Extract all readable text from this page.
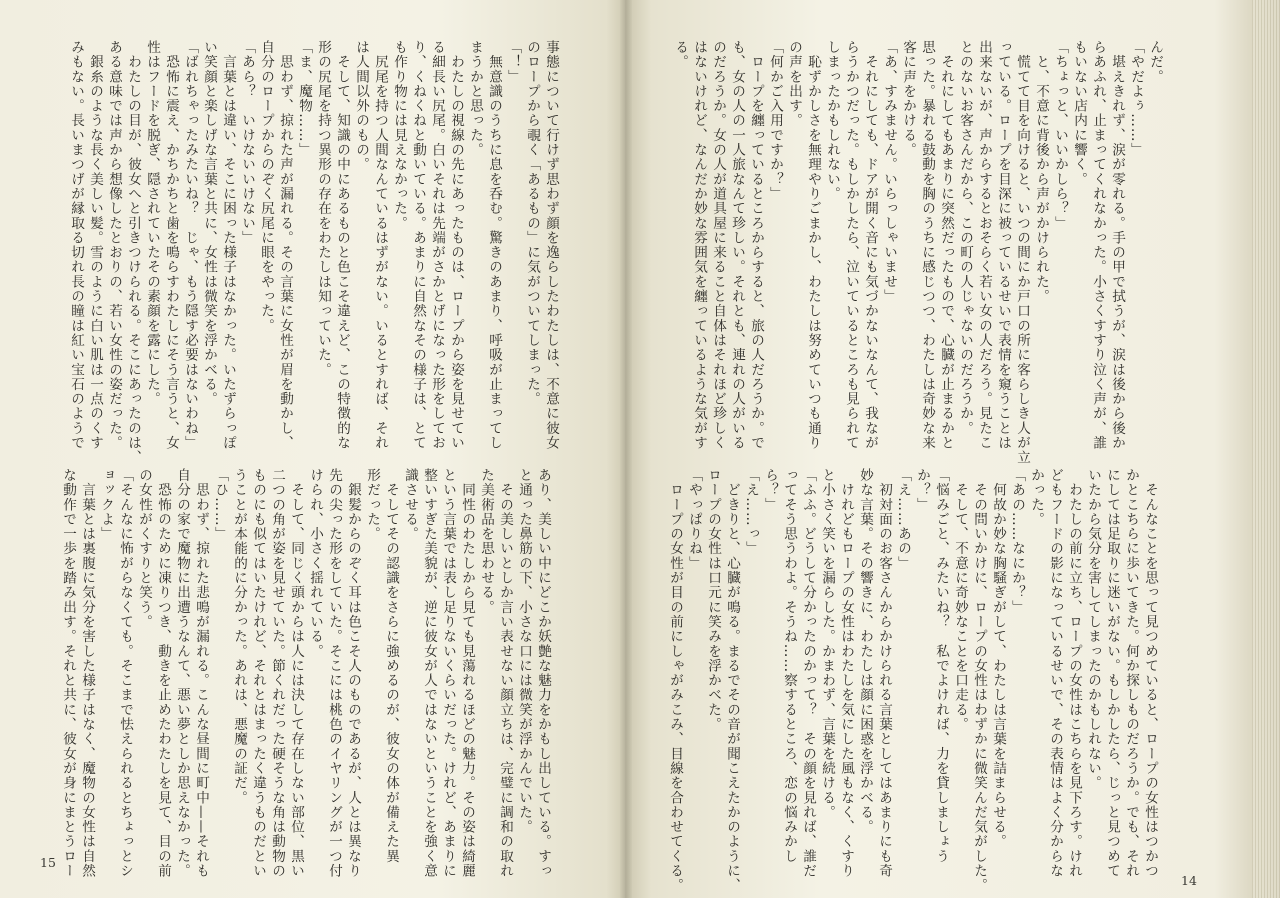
事態について行けず思わず顔を逸らしたわたしは、不意に彼女
のロープから覗く「あるもの」に気がついてしまった。
「！」
　無意識のうちに息を呑む。驚きのあまり、呼吸が止まってし
まうかと思った。
　わたしの視線の先にあったものは、ロープから姿を見せてい
る細長い尻尾。白いそれは先端がさかとげになった形をしてお
り、くねくねと動いている。あまりに自然なその様子は、とて
も作り物には見えなかった。
　尻尾を持つ人間なんているはずがない。いるとすれば、それ
は人間以外のもの。
　そして、知識の中にあるものと色こそ違えど、この特徴的な
形の尻尾を持つ異形の存在をわたしは知っていた。
「ま、魔物……」
　思わず、掠れた声が漏れる。その言葉に女性が眉を動かし、
自分のロープからのぞく尻尾に眼をやった。
「あら？　いけないいけない」
　言葉とは違い、そこに困った様子はなかった。いたずらっぽ
い笑顔と楽しげな言葉と共に、女性は微笑を浮かべる。
「ばれちゃったみたいね？　じゃ、もう隠す必要はないわね」
　恐怖に震え、かちかちと歯を鳴らすわたしにそう言うと、女
性はフードを脱ぎ、隠されていたその素顔を露にした。
　わたしの目が、彼女へと引きつけられる。そこにあったのは、
ある意味では声から想像したとおりの、若い女性の姿だった。
　銀糸のような長く美しい髪。雪のように白い肌は一点のくす
みもない。長いまつげが縁取る切れ長の瞳は紅い宝石のようで
あり、美しい中にどこか妖艶な魅力をかもし出している。すっ
と通った鼻筋の下、小さな口には微笑が浮かんでいた。
　その美しいとしか言い表せない顔立ちは、完璧に調和の取れ
た美術品を思わせる。
　同性のわたしから見ても見蕩れるほどの魅力。その姿は綺麗
という言葉では表し足りないくらいだった。けれど、あまりに
整いすぎた美貌が、逆に彼女が人ではないということを強く意
識させる。
　そしてその認識をさらに強めるのが、彼女の体が備えた異
形だった。
　銀髪からのぞく耳は色こそ人のものであるが、人とは異なり
先の尖った形をしていた。そこには桃色のイヤリングが一つ付
けられ、小さく揺れている。
　そして、同じく頭からは人には決して存在しない部位、黒い
二つの角が姿を見せていた。節くれだった硬そうな角は動物の
ものにも似てはいたけれど、それとはまったく違うものだとい
うことが本能的に分かった。あれは、悪魔の証だ。
「ひ……」
　思わず、掠れた悲鳴が漏れる。こんな昼間に町中——それも
自分の家で魔物に出遭うなんて、悪い夢としか思えなかった。
　恐怖のために凍りつき、動きを止めたわたしを見て、目の前
の女性がくすりと笑う。
「そんなに怖がらなくても。そこまで怯えられるとちょっとシ
ョックよ」
　言葉とは裏腹に気分を害した様子はなく、魔物の女性は自然
な動作で一歩を踏み出す。それと共に、彼女が身にまとうロー
15
んだ。
「やだよぅ……」
　堪えきれず、涙が零れる。手の甲で拭うが、涙は後から後か
らあふれ、止まってくれなかった。小さくすすり泣く声が、誰
もいない店内に響く。
「ちょっと、いいかしら？」
　と、不意に背後から声がかけられた。
　慌てて目を向けると、いつの間にか戸口の所に客らしき人が立
っている。ロープを目深に被っているせいで表情を窺うことは
出来ないが、声からするとおそらく若い女の人だろう。見たこ
とのないお客さんだから、この町の人じゃないのだろうか。
　それにしてもあまりに突然だったもので、心臓が止まるかと
思った。暴れる鼓動を胸のうちに感じつつ、わたしは奇妙な来
客に声をかける。
「あ、すみません。いらっしゃいませ」
　それにしても、ドアが開く音にも気づかないなんて、我なが
らうかつだった。もしかしたら、泣いているところも見られて
しまったかもしれない。
　恥ずかしさを無理やりごまかし、わたしは努めていつも通り
の声を出す。
「何かご入用ですか？」
　ロープを纏っているところからすると、旅の人だろうか。で
も、女の人の一人旅なんて珍しい。それとも、連れの人がいる
のだろうか。女の人が道具屋に来ること自体はそれほど珍しく
はないけれど、なんだか妙な雰囲気を纏っているような気がす
る。
　そんなことを思って見つめていると、ロープの女性はつかつ
かとこちらに歩いてきた。何か探しものだろうか。でも、それ
にしては足取りに迷いがない。もしかしたら、じっと見つめて
いたから気分を害してしまったのかもしれない。
　わたしの前に立ち、ロープの女性はこちらを見下ろす。けれ
どもフードの影になっているせいで、その表情はよく分からな
かった。
「あの……なにか？」
　何故か妙な胸騒ぎがして、わたしは言葉を詰まらせる。
　その問いかけに、ロープの女性はわずかに微笑んだ気がした。
　そして、不意に奇妙なことを口走る。
「悩みごと、みたいね？　私でよければ、力を貸しましょう
か？」
「え……あの」
　初対面のお客さんからかけられる言葉としてはあまりにも奇
妙な言葉。その響きに、わたしは顔に困惑を浮かべる。
　けれどもロープの女性はわたしを気にした風もなく、くすり
と小さく笑いを漏らした。かまわず、言葉を続ける。
「ふふ。どうして分かったのかって？　その顔を見れば、誰だ
ってそう思うわよ。そうね……察するところ、恋の悩みかし
ら？」
「え……っ」
　どきりと、心臓が鳴る。まるでその音が聞こえたかのように、
ロープの女性は口元に笑みを浮かべた。
「やっぱりね」
　ロープの女性が目の前にしゃがみこみ、目線を合わせてくる。	14
